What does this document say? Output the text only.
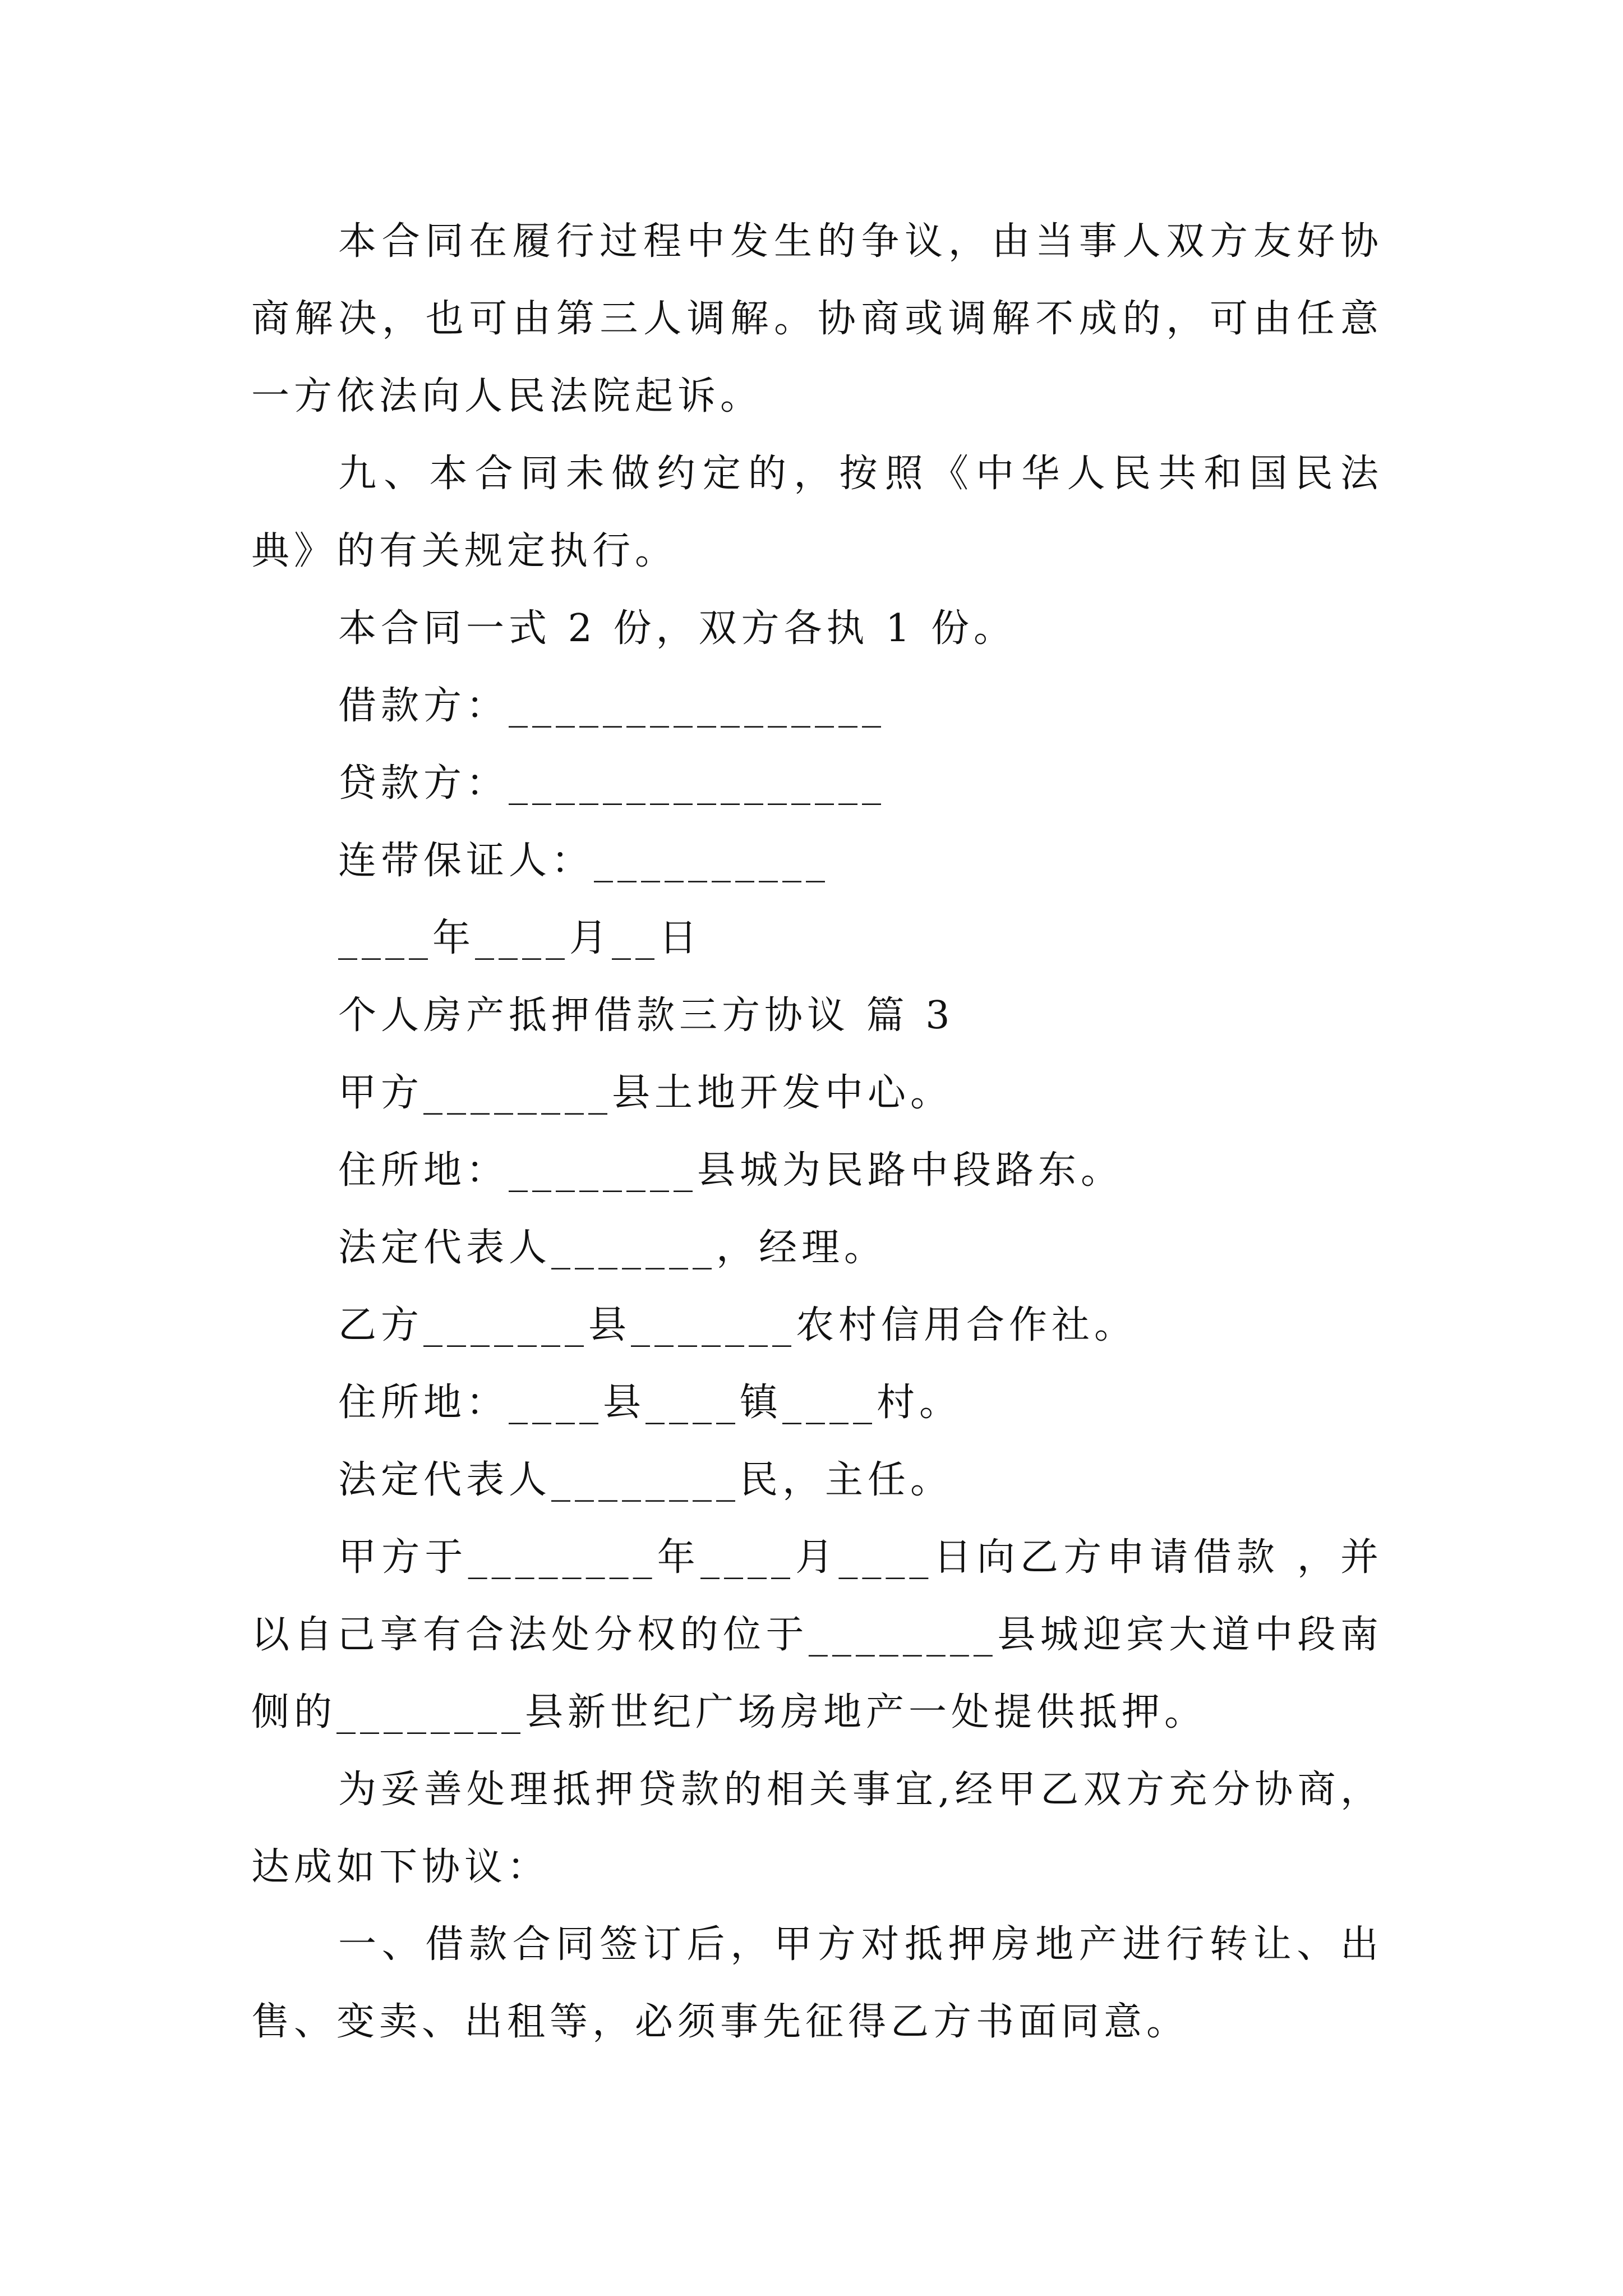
本合同在履行过程中发生的争议，由当事人双方友好协商解决，也可由第三人调解。协商或调解不成的，可由任意一方依法向人民法院起诉。

九、本合同未做约定的，按照《中华人民共和国民法典》的有关规定执行。

本合同一式 2 份，双方各执 1 份。

借款方：________________

贷款方：________________

连带保证人：__________

____年____月__日

个人房产抵押借款三方协议 篇 3

甲方________县土地开发中心。

住所地：________县城为民路中段路东。

法定代表人_______，经理。

乙方_______县_______农村信用合作社。

住所地：____县____镇____村。

法定代表人________民，主任。

甲方于________年____月____日向乙方申请借款 ，并以自己享有合法处分权的位于________县城迎宾大道中段南侧的________县新世纪广场房地产一处提供抵押。

为妥善处理抵押贷款的相关事宜,经甲乙双方充分协商，达成如下协议：

一、借款合同签订后，甲方对抵押房地产进行转让、出售、变卖、出租等，必须事先征得乙方书面同意。
